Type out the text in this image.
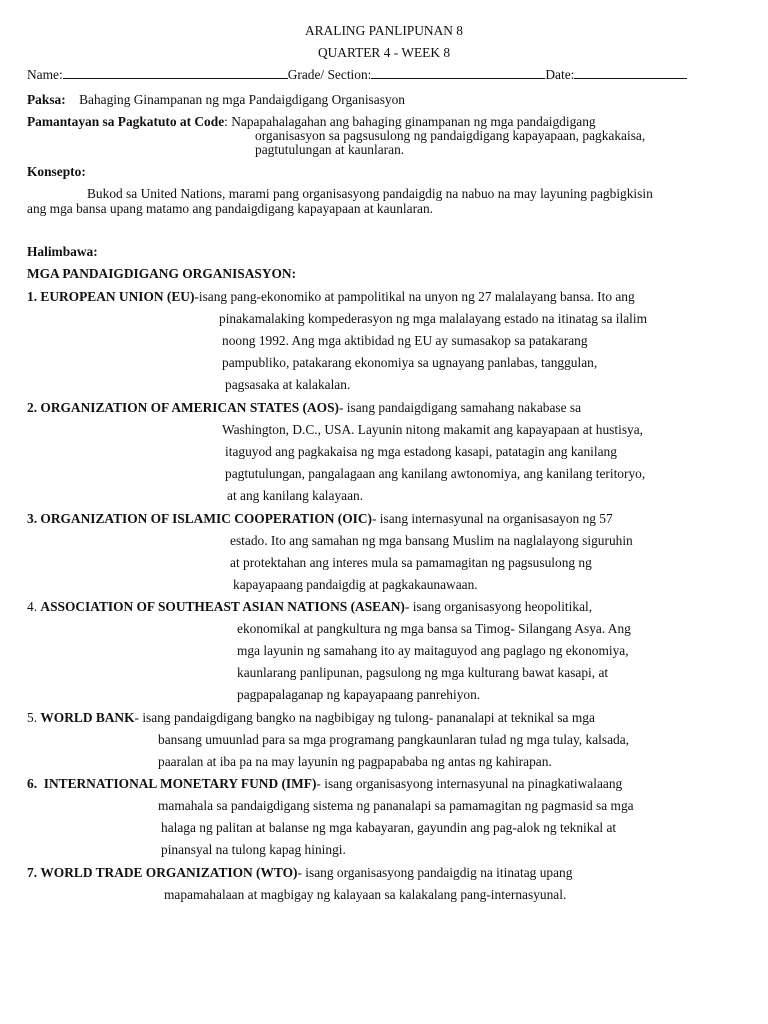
ARALING PANLIPUNAN 8
QUARTER 4 - WEEK 8
Name:	Grade/ Section:	Date:
Paksa: Bahaging Ginampanan ng mga Pandaigdigang Organisasyon
Pamantayan sa Pagkatuto at Code: Napapahalagahan ang bahaging ginampanan ng mga pandaigdigang
organisasyon sa pagsusulong ng pandaigdigang kapayapaan, pagkakaisa,
pagtutulungan at kaunlaran.
Konsepto:
Bukod sa United Nations, marami pang organisasyong pandaigdig na nabuo na may layuning pagbigkisin
ang mga bansa upang matamo ang pandaigdigang kapayapaan at kaunlaran.
Halimbawa:
MGA PANDAIGDIGANG ORGANISASYON:
1. EUROPEAN UNION (EU)-isang pang-ekonomiko at pampolitikal na unyon ng 27 malalayang bansa. Ito ang
pinakamalaking kompederasyon ng mga malalayang estado na itinatag sa ilalim
noong 1992. Ang mga aktibidad ng EU ay sumasakop sa patakarang
pampubliko, patakarang ekonomiya sa ugnayang panlabas, tanggulan,
pagsasaka at kalakalan.
2. ORGANIZATION OF AMERICAN STATES (AOS)- isang pandaigdigang samahang nakabase sa
Washington, D.C., USA. Layunin nitong makamit ang kapayapaan at hustisya,
itaguyod ang pagkakaisa ng mga estadong kasapi, patatagin ang kanilang
pagtutulungan, pangalagaan ang kanilang awtonomiya, ang kanilang teritoryo,
at ang kanilang kalayaan.
3. ORGANIZATION OF ISLAMIC COOPERATION (OIC)- isang internasyunal na organisasayon ng 57
estado. Ito ang samahan ng mga bansang Muslim na naglalayong siguruhin
at protektahan ang interes mula sa pamamagitan ng pagsusulong ng
kapayapaang pandaigdig at pagkakaunawaan.
4. ASSOCIATION OF SOUTHEAST ASIAN NATIONS (ASEAN)- isang organisasyong heopolitikal,
ekonomikal at pangkultura ng mga bansa sa Timog- Silangang Asya. Ang
mga layunin ng samahang ito ay maitaguyod ang paglago ng ekonomiya,
kaunlarang panlipunan, pagsulong ng mga kulturang bawat kasapi, at
pagpapalaganap ng kapayapaang panrehiyon.
5. WORLD BANK- isang pandaigdigang bangko na nagbibigay ng tulong- pananalapi at teknikal sa mga
bansang umuunlad para sa mga programang pangkaunlaran tulad ng mga tulay, kalsada,
paaralan at iba pa na may layunin ng pagpapababa ng antas ng kahirapan.
6. INTERNATIONAL MONETARY FUND (IMF)- isang organisasyong internasyunal na pinagkatiwalaang
mamahala sa pandaigdigang sistema ng pananalapi sa pamamagitan ng pagmasid sa mga
halaga ng palitan at balanse ng mga kabayaran, gayundin ang pag-alok ng teknikal at
pinansyal na tulong kapag hiningi.
7. WORLD TRADE ORGANIZATION (WTO)- isang organisasyong pandaigdig na itinatag upang
mapamahalaan at magbigay ng kalayaan sa kalakalang pang-internasyunal.
